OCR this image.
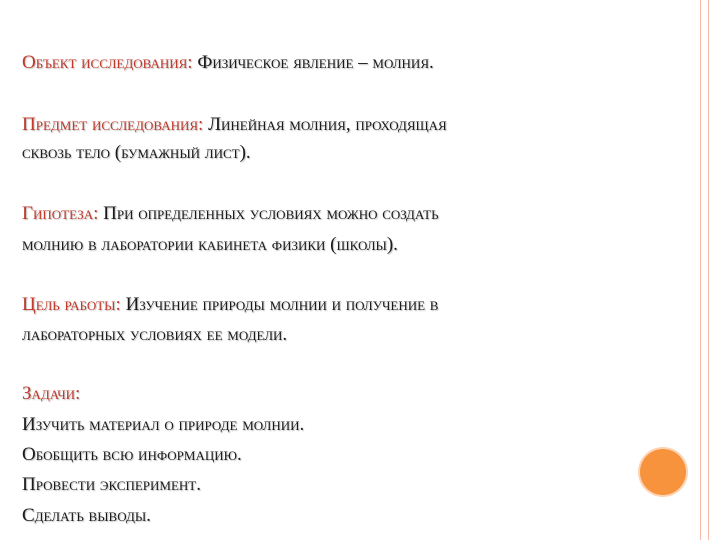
Объект исследования: Физическое явление – молния.
Предмет исследования: Линейная молния, проходящая
сквозь тело (бумажный лист).
Гипотеза: При определенных условиях можно создать
молнию в лаборатории кабинета физики (школы).
Цель работы: Изучение природы молнии и получение в
лабораторных условиях ее модели.
Задачи:
Изучить материал о природе молнии.
Обобщить всю информацию.
Провести эксперимент.
Сделать выводы.
